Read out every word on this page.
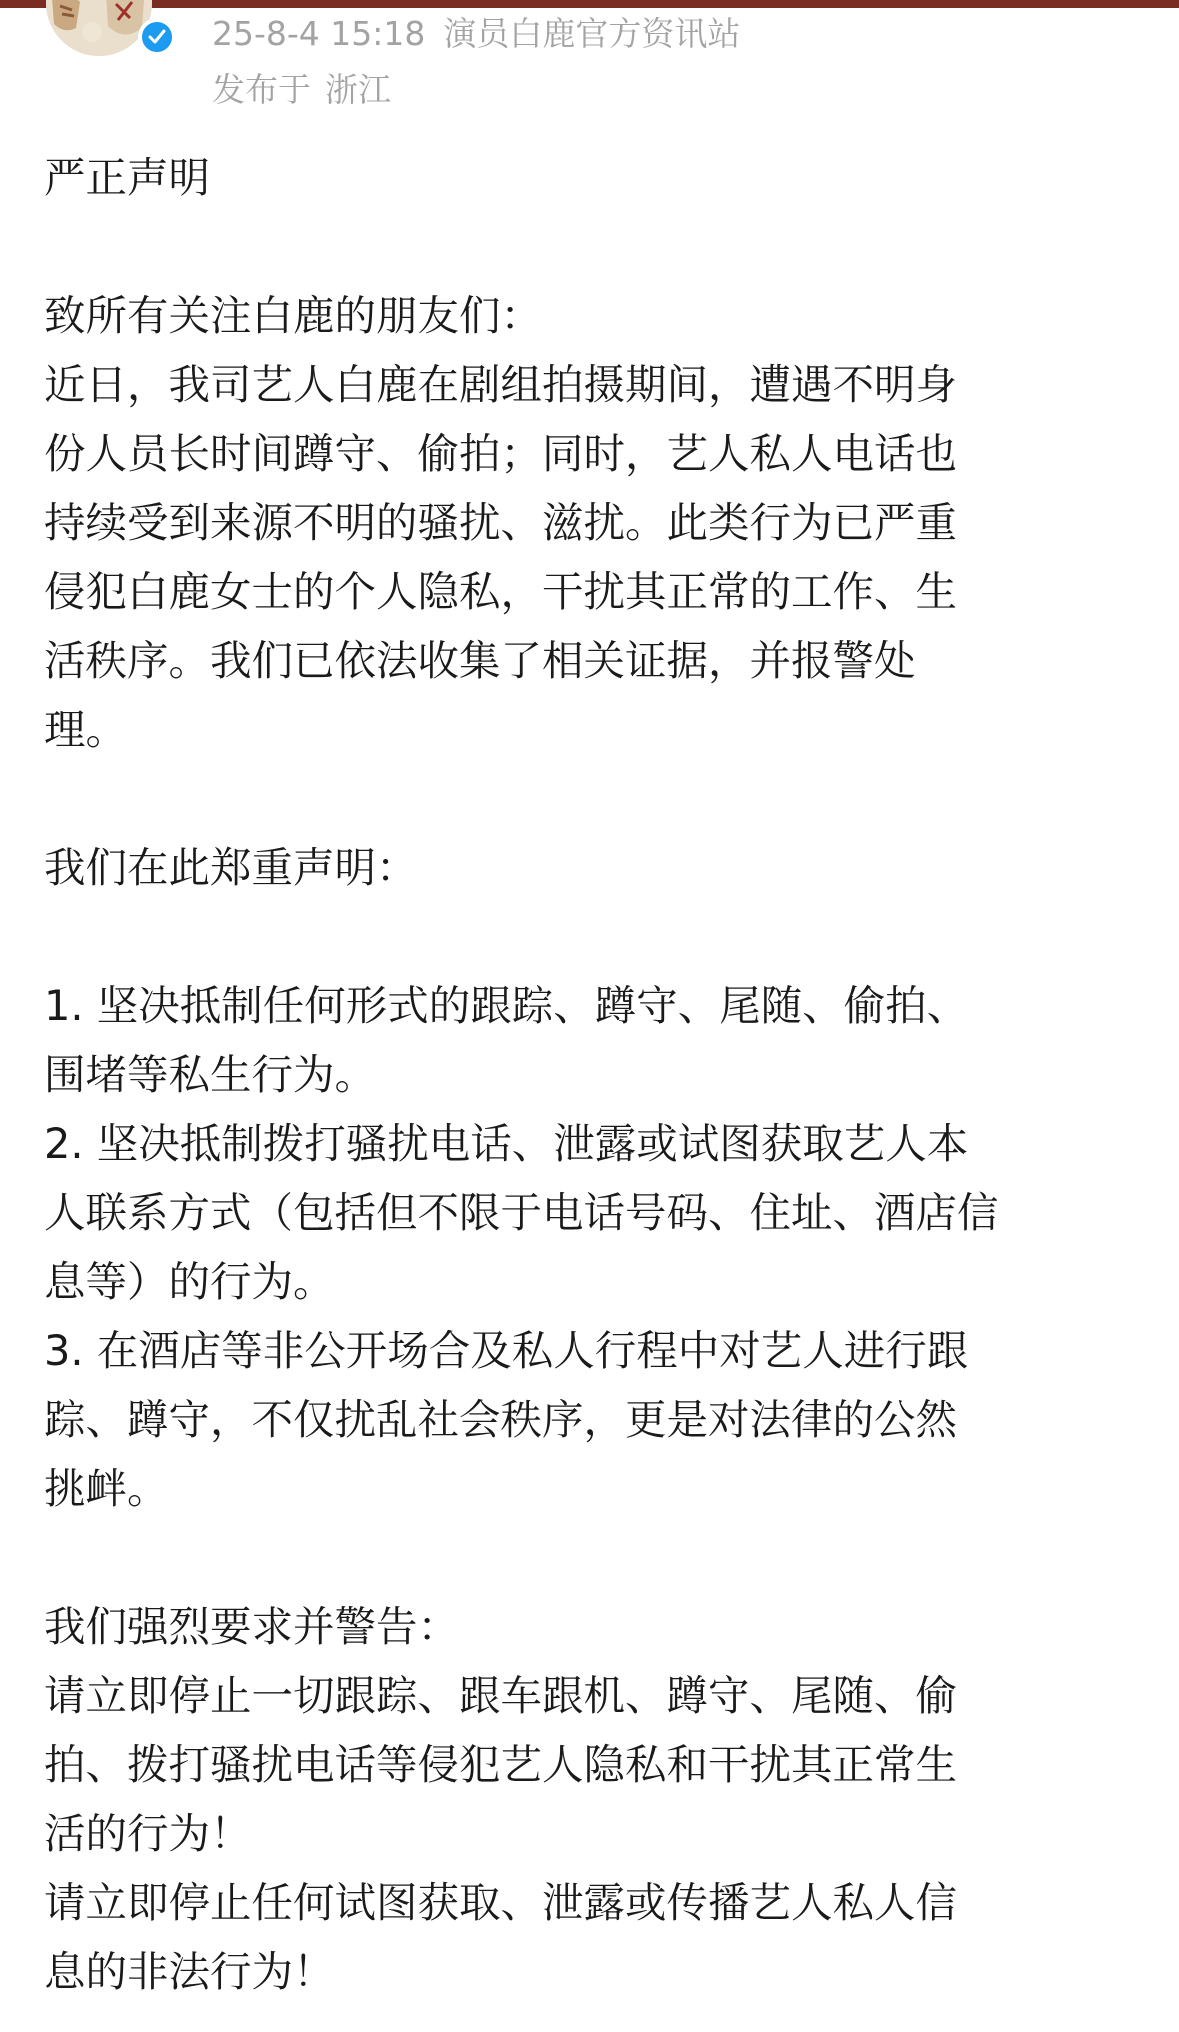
25-8-4 15:18 演员白鹿官方资讯站
发布于 浙江
严正声明
致所有关注白鹿的朋友们：
近日，我司艺人白鹿在剧组拍摄期间，遭遇不明身
份人员长时间蹲守、偷拍；同时，艺人私人电话也
持续受到来源不明的骚扰、滋扰。此类行为已严重
侵犯白鹿女士的个人隐私，干扰其正常的工作、生
活秩序。我们已依法收集了相关证据，并报警处
理。
我们在此郑重声明：
1. 坚决抵制任何形式的跟踪、蹲守、尾随、偷拍、
围堵等私生行为。
2. 坚决抵制拨打骚扰电话、泄露或试图获取艺人本
人联系方式（包括但不限于电话号码、住址、酒店信
息等）的行为。
3. 在酒店等非公开场合及私人行程中对艺人进行跟
踪、蹲守，不仅扰乱社会秩序，更是对法律的公然
挑衅。
我们强烈要求并警告：
请立即停止一切跟踪、跟车跟机、蹲守、尾随、偷
拍、拨打骚扰电话等侵犯艺人隐私和干扰其正常生
活的行为！
请立即停止任何试图获取、泄露或传播艺人私人信
息的非法行为！
